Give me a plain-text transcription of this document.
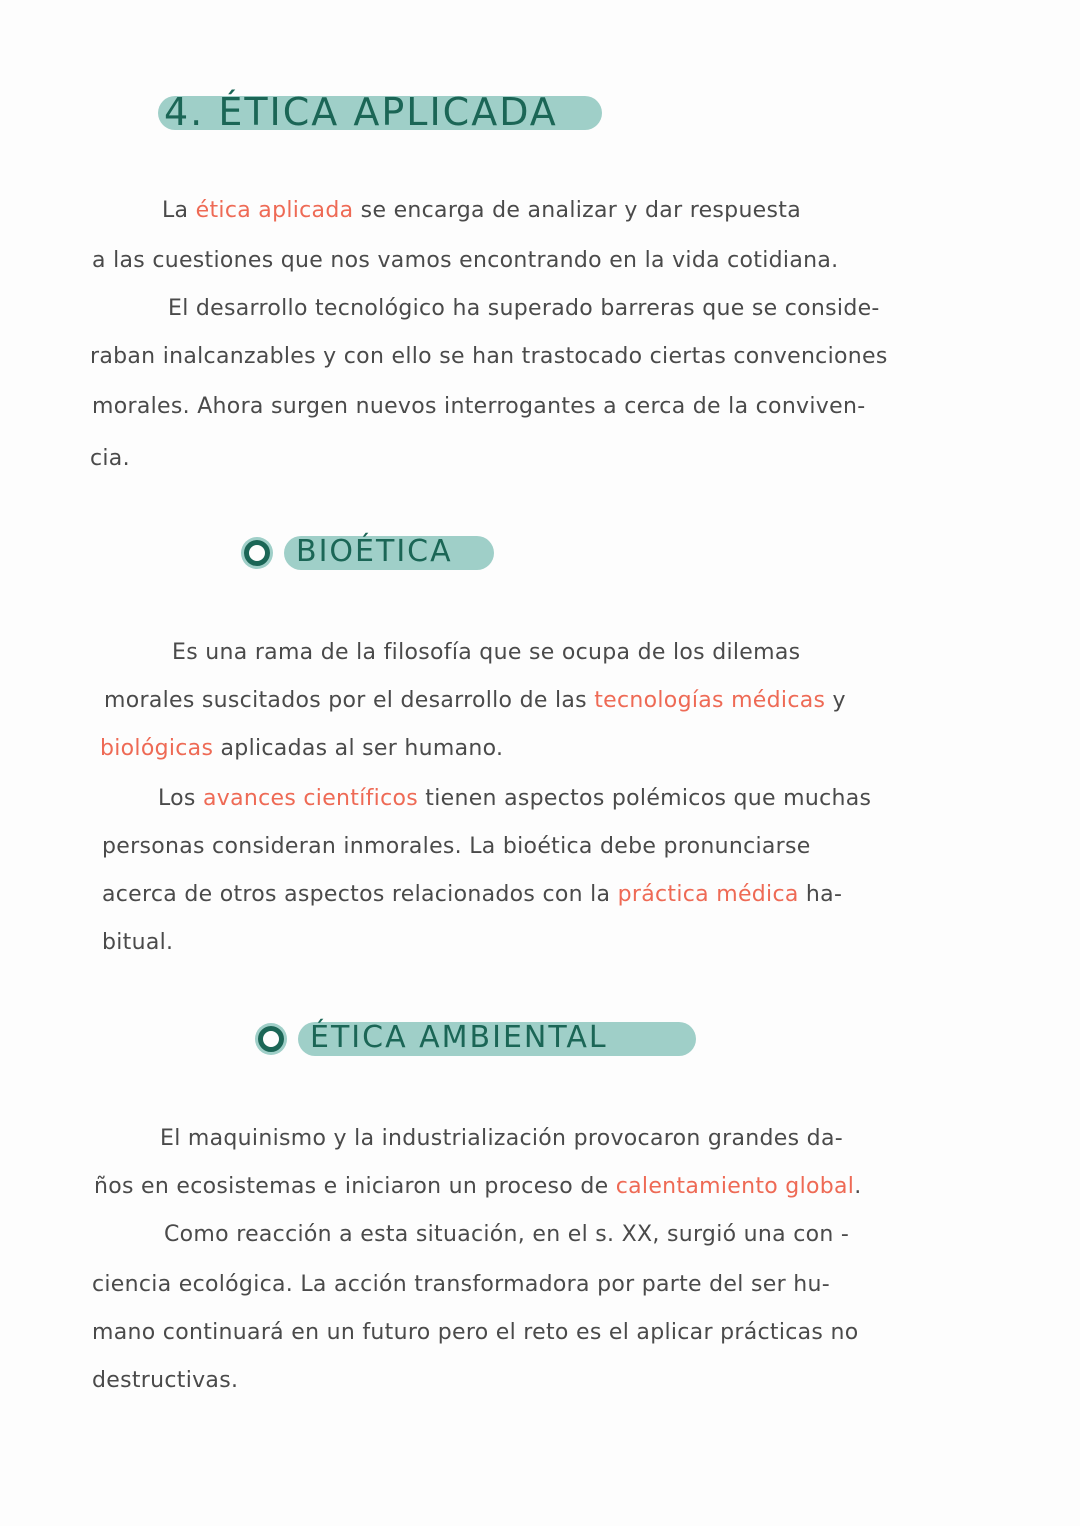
4. ÉTICA APLICADA
La ética aplicada se encarga de analizar y dar respuesta
a las cuestiones que nos vamos encontrando en la vida cotidiana.
El desarrollo tecnológico ha superado barreras que se conside-
raban inalcanzables y con ello se han trastocado ciertas convenciones
morales. Ahora surgen nuevos interrogantes a cerca de la conviven-
cia.
BIOÉTICA
Es una rama de la filosofía que se ocupa de los dilemas
morales suscitados por el desarrollo de las tecnologías médicas y
biológicas aplicadas al ser humano.
Los avances científicos tienen aspectos polémicos que muchas
personas consideran inmorales. La bioética debe pronunciarse
acerca de otros aspectos relacionados con la práctica médica ha-
bitual.
ÉTICA AMBIENTAL
El maquinismo y la industrialización provocaron grandes da-
ños en ecosistemas e iniciaron un proceso de calentamiento global.
Como reacción a esta situación, en el s. XX, surgió una con -
ciencia ecológica. La acción transformadora por parte del ser hu-
mano continuará en un futuro pero el reto es el aplicar prácticas no
destructivas.
